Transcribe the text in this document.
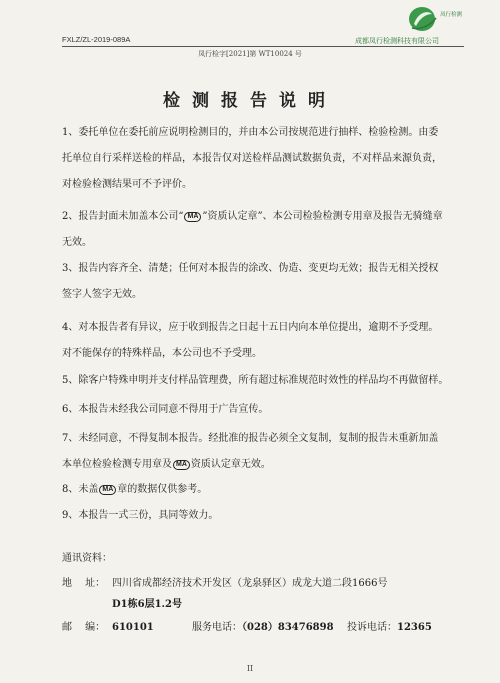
FXLZ/ZL-2019-089A
凤行检测
成都凤行检测科技有限公司
凤行检字[2021]第 WT10024 号
检测报告说明
1、委托单位在委托前应说明检测目的，并由本公司按规范进行抽样、检验检测。由委
托单位自行采样送检的样品，本报告仅对送检样品测试数据负责，不对样品来源负责，
对检验检测结果可不予评价。
2、报告封面未加盖本公司“ MA ”资质认定章”、本公司检验检测专用章及报告无骑缝章
无效。
3、报告内容齐全、清楚；任何对本报告的涂改、伪造、变更均无效；报告无相关授权
签字人签字无效。
4、对本报告者有异议，应于收到报告之日起十五日内向本单位提出，逾期不予受理。
对不能保存的特殊样品，本公司也不予受理。
5、除客户特殊申明并支付样品管理费，所有超过标准规范时效性的样品均不再做留样。
6、本报告未经我公司同意不得用于广告宣传。
7、未经同意，不得复制本报告。经批准的报告必须全文复制，复制的报告未重新加盖
本单位检验检测专用章及 MA 资质认定章无效。
8、未盖 MA 章的数据仅供参考。
9、本报告一式三份，具同等效力。
通讯资料：
地　 址： 四川省成都经济技术开发区（龙泉驿区）成龙大道二段1666号
D1栋6层1.2号
邮　 编： 610101	服务电话：（028）83476898 投诉电话：12365
II
